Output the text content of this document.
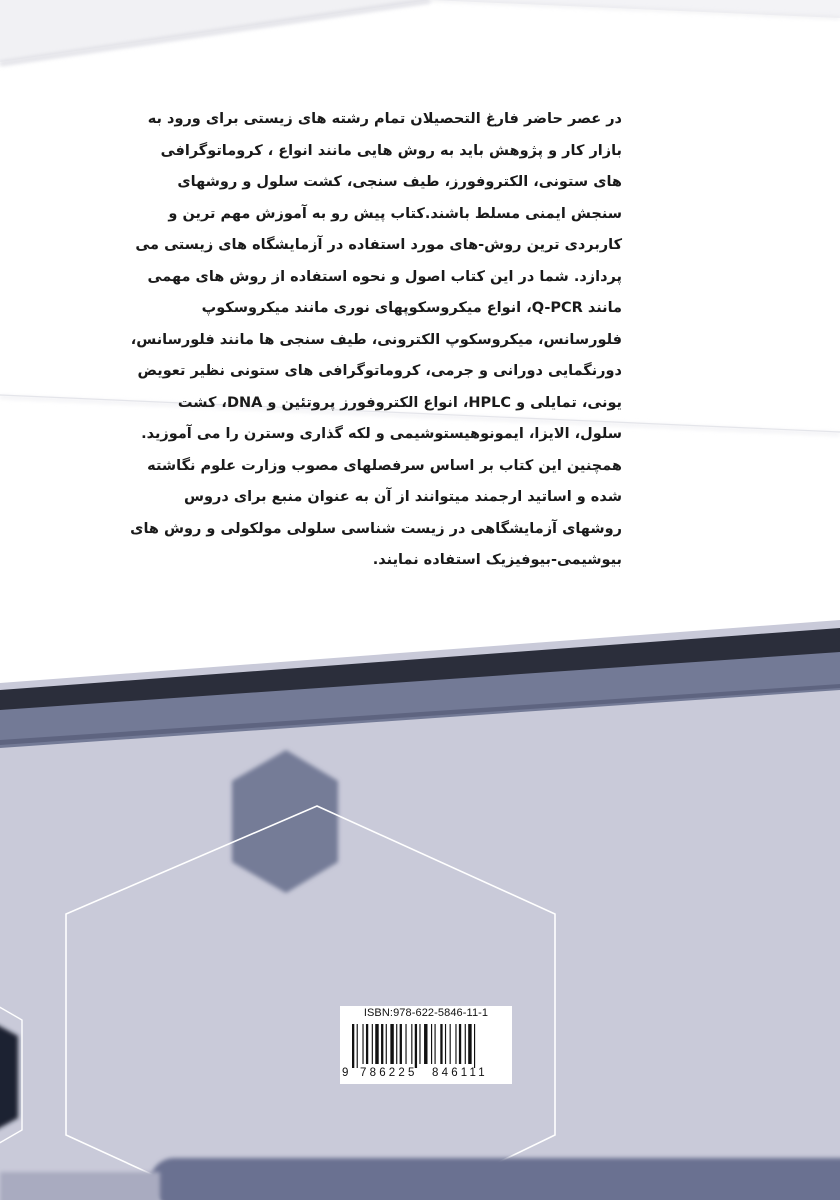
در عصر حاضر فارغ التحصیلان تمام رشته های زیستی برای ورود به
بازار کار و پژوهش باید به روش هایی مانند انواع ، کروماتوگرافی
های ستونی، الکتروفورز، طیف سنجی، کشت سلول و روشهای
سنجش ایمنی مسلط باشند.کتاب پیش رو به آموزش مهم ترین و
کاربردی ترین روش-های مورد استفاده در آزمایشگاه های زیستی می
پردازد. شما در این کتاب اصول و نحوه استفاده از روش های مهمی
مانند Q-PCR، انواع میکروسکوپهای نوری مانند میکروسکوپ
فلورسانس، میکروسکوپ الکترونی، طیف سنجی ها مانند فلورسانس،
دورنگمایی دورانی و جرمی، کروماتوگرافی های ستونی نظیر تعویض
یونی، تمایلی و HPLC، انواع الکتروفورز پروتئین و DNA، کشت
سلول، الایزا، ایمونوهیستوشیمی و لکه گذاری وسترن را می آموزید.
همچنین این کتاب بر اساس سرفصلهای مصوب وزارت علوم نگاشته
شده و اساتید ارجمند میتوانند از آن به عنوان منبع برای دروس
روشهای آزمایشگاهی در زیست شناسی سلولی مولکولی و روش های
بیوشیمی-بیوفیزیک استفاده نمایند.
ISBN:978-622-5846-11-1
9 786225 846111
